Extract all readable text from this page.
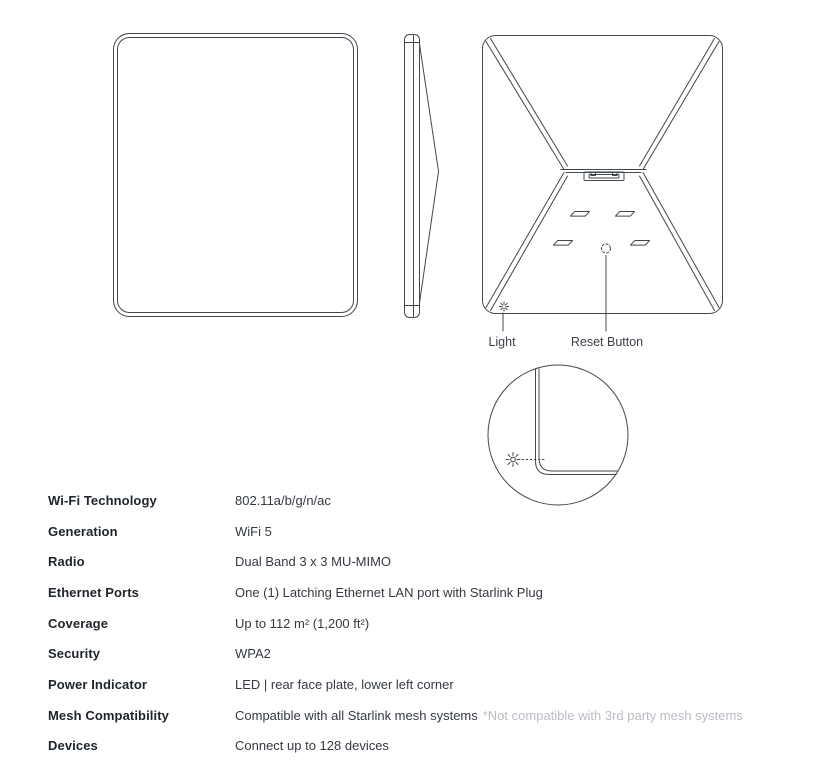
Light	Reset Button
Wi-Fi Technology	802.11a/b/g/n/ac
Generation	WiFi 5
Radio	Dual Band 3 x 3 MU-MIMO
Ethernet Ports	One (1) Latching Ethernet LAN port with Starlink Plug
Coverage	Up to 112 m² (1,200 ft²)
Security	WPA2
Power Indicator	LED | rear face plate, lower left corner
Mesh Compatibility	Compatible with all Starlink mesh systems *Not compatible with 3rd party mesh systems
Devices	Connect up to 128 devices
